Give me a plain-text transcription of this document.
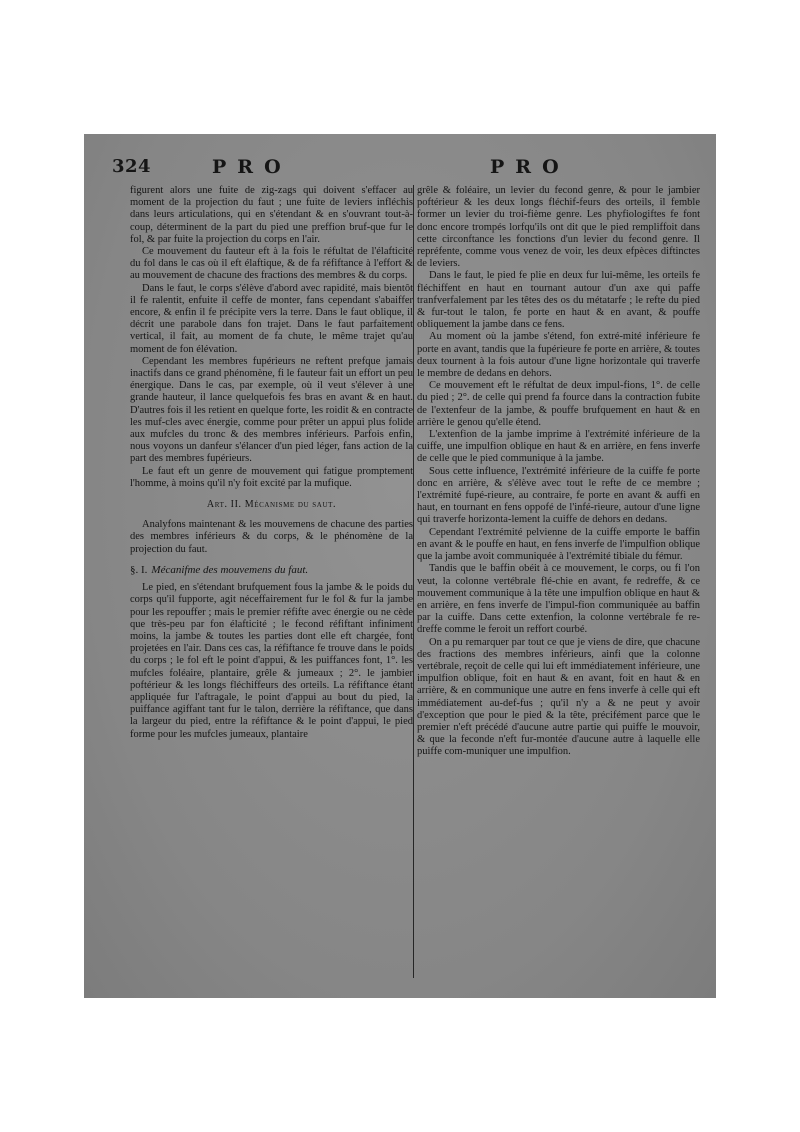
324	PRO	PRO

figurent alors une fuite de zig-zags qui doivent s'effacer au moment de la projection du faut ; une fuite de leviers infléchis dans leurs articulations, qui en s'étendant & en s'ouvrant tout-à-coup, déterminent de la part du pied une preffion bruf-que fur le fol, & par fuite la projection du corps en l'air.

Ce mouvement du fauteur eft à la fois le réfultat de l'élafticité du fol dans le cas où il eft élaftique, & de fa réfiftance à l'effort & au mouvement de chacune des fractions des membres & du corps.

Dans le faut, le corps s'élève d'abord avec rapidité, mais bientôt il fe ralentit, enfuite il ceffe de monter, fans cependant s'abaiffer encore, & enfin il fe précipite vers la terre. Dans le faut oblique, il décrit une parabole dans fon trajet. Dans le faut parfaitement vertical, il fait, au moment de fa chute, le même trajet qu'au moment de fon élévation.

Cependant les membres fupérieurs ne reftent prefque jamais inactifs dans ce grand phénomène, fi le fauteur fait un effort un peu énergique. Dans le cas, par exemple, où il veut s'élever à une grande hauteur, il lance quelquefois fes bras en avant & en haut. D'autres fois il les retient en quelque forte, les roidit & en contracte les muf-cles avec énergie, comme pour prêter un appui plus folide aux mufcles du tronc & des membres inférieurs. Parfois enfin, nous voyons un danfeur s'élancer d'un pied léger, fans action de la part des membres fupérieurs.

Le faut eft un genre de mouvement qui fatigue promptement l'homme, à moins qu'il n'y foit excité par la mufique.

Art. II. Mécanisme du saut.

Analyfons maintenant & les mouvemens de chacune des parties des membres inférieurs & du corps, & le phénomène de la projection du faut.

§. I. Mécanifme des mouvemens du faut.

Le pied, en s'étendant brufquement fous la jambe & le poids du corps qu'il fupporte, agit néceffairement fur le fol & fur la jambe pour les repouffer ; mais le premier réfifte avec énergie ou ne cède que très-peu par fon élafticité ; le fecond réfiftant infiniment moins, la jambe & toutes les parties dont elle eft chargée, font projetées en l'air. Dans ces cas, la réfiftance fe trouve dans le poids du corps ; le fol eft le point d'appui, & les puiffances font, 1°. les mufcles foléaire, plantaire, grêle & jumeaux ; 2°. le jambier poftérieur & les longs fléchiffeurs des orteils. La réfiftance étant appliquée fur l'aftragale, le point d'appui au bout du pied, la puiffance agiffant tant fur le talon, derrière la réfiftance, que dans la largeur du pied, entre la réfiftance & le point d'appui, le pied forme pour les mufcles jumeaux, plantaire

grêle & foléaire, un levier du fecond genre, & pour le jambier poftérieur & les deux longs fléchif-feurs des orteils, il femble former un levier du troi-fième genre. Les phyfiologiftes fe font donc encore trompés lorfqu'ils ont dit que le pied rempliffoit dans cette circonftance les fonctions d'un levier du fecond genre. Il repréfente, comme vous venez de voir, les deux efpèces diftinctes de leviers.

Dans le faut, le pied fe plie en deux fur lui-même, les orteils fe fléchiffent en haut en tournant autour d'un axe qui paffe tranfverfalement par les têtes des os du métatarfe ; le refte du pied & fur-tout le talon, fe porte en haut & en avant, & pouffe obliquement la jambe dans ce fens.

Au moment où la jambe s'étend, fon extré-mité inférieure fe porte en avant, tandis que la fupérieure fe porte en arrière, & toutes deux tournent à la fois autour d'une ligne horizontale qui traverfe le membre de dedans en dehors.

Ce mouvement eft le réfultat de deux impul-fions, 1°. de celle du pied ; 2°. de celle qui prend fa fource dans la contraction fubite de l'extenfeur de la jambe, & pouffe brufquement en haut & en arrière le genou qu'elle étend.

L'extenfion de la jambe imprime à l'extrémité inférieure de la cuiffe, une impulfion oblique en haut & en arrière, en fens inverfe de celle que le pied communique à la jambe.

Sous cette influence, l'extrémité inférieure de la cuiffe fe porte donc en arrière, & s'élève avec tout le refte de ce membre ; l'extrémité fupé-rieure, au contraire, fe porte en avant & auffi en haut, en tournant en fens oppofé de l'infé-rieure, autour d'une ligne qui traverfe horizonta-lement la cuiffe de dehors en dedans.

Cependant l'extrémité pelvienne de la cuiffe emporte le baffin en avant & le pouffe en haut, en fens inverfe de l'impulfion oblique que la jambe avoit communiquée à l'extrémité tibiale du fémur.

Tandis que le baffin obéit à ce mouvement, le corps, ou fi l'on veut, la colonne vertébrale flé-chie en avant, fe redreffe, & ce mouvement communique à la tête une impulfion oblique en haut & en arrière, en fens inverfe de l'impul-fion communiquée au baffin par la cuiffe. Dans cette extenfion, la colonne vertébrale fe re-dreffe comme le feroit un reffort courbé.

On a pu remarquer par tout ce que je viens de dire, que chacune des fractions des membres inférieurs, ainfi que la colonne vertébrale, reçoit de celle qui lui eft immédiatement inférieure, une impulfion oblique, foit en haut & en avant, foit en haut & en arrière, & en communique une autre en fens inverfe à celle qui eft immédiatement au-def-fus ; qu'il n'y a & ne peut y avoir d'exception que pour le pied & la tête, précifément parce que le premier n'eft précédé d'aucune autre partie qui puiffe le mouvoir, & que la feconde n'eft fur-montée d'aucune autre à laquelle elle puiffe com-muniquer une impulfion.
